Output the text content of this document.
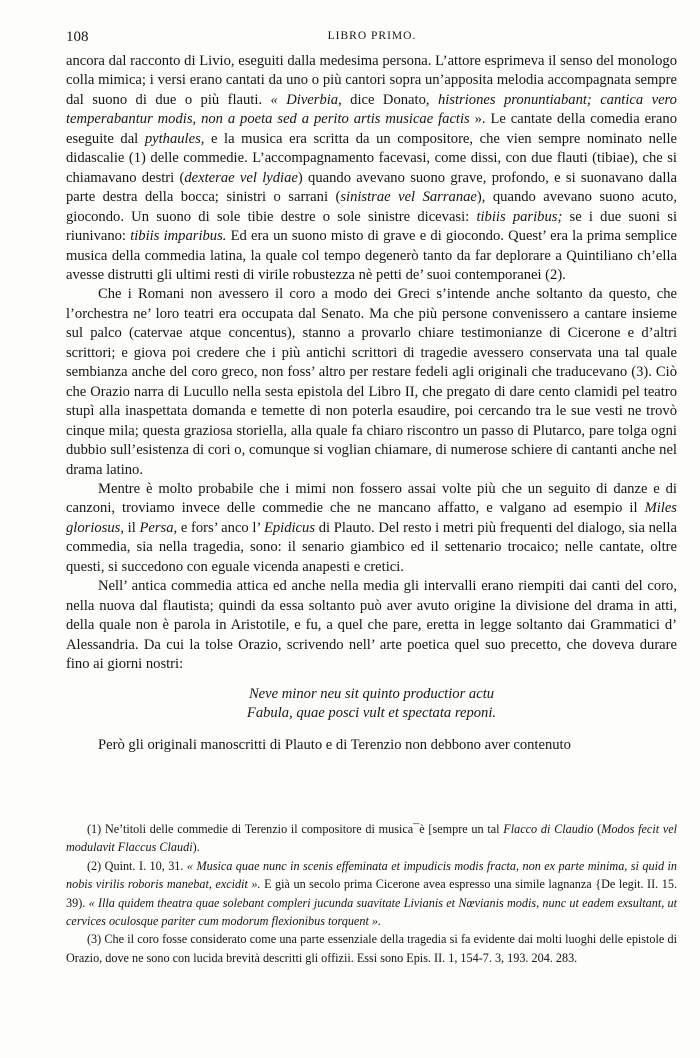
108	LIBRO PRIMO.

ancora dal racconto di Livio, eseguiti dalla medesima persona. L’attore esprimeva il senso del monologo colla mimica; i versi erano cantati da uno o più cantori sopra un’apposita melodia accompagnata sempre dal suono di due o più flauti. « Diverbia, dice Donato, histriones pronuntiabant; cantica vero temperabantur modis, non a poeta sed a perito artis musicae factis ». Le cantate della comedia erano eseguite dal pythaules, e la musica era scritta da un compositore, che vien sempre nominato nelle didascalie (1) delle commedie. L’accompagnamento facevasi, come dissi, con due flauti (tibiae), che si chiamavano destri (dexterae vel lydiae) quando avevano suono grave, profondo, e si suonavano dalla parte destra della bocca; sinistri o sarrani (sinistrae vel Sarranae), quando avevano suono acuto, giocondo. Un suono di sole tibie destre o sole sinistre dicevasi: tibiis paribus; se i due suoni si riunivano: tibiis imparibus. Ed era un suono misto di grave e di giocondo. Quest’ era la prima semplice musica della commedia latina, la quale col tempo degenerò tanto da far deplorare a Quintiliano ch’ella avesse distrutti gli ultimi resti di virile robustezza nè petti de’ suoi contemporanei (2).

Che i Romani non avessero il coro a modo dei Greci s’intende anche soltanto da questo, che l’orchestra ne’ loro teatri era occupata dal Senato. Ma che più persone convenissero a cantare insieme sul palco (catervae atque concentus), stanno a provarlo chiare testimonianze di Cicerone e d’altri scrittori; e giova poi credere che i più antichi scrittori di tragedie avessero conservata una tal quale sembianza anche del coro greco, non foss’ altro per restare fedeli agli originali che traducevano (3). Ciò che Orazio narra di Lucullo nella sesta epistola del Libro II, che pregato di dare cento clamidi pel teatro stupì alla inaspettata domanda e temette di non poterla esaudire, poi cercando tra le sue vesti ne trovò cinque mila; questa graziosa storiella, alla quale fa chiaro riscontro un passo di Plutarco, pare tolga ogni dubbio sull’esistenza di cori o, comunque si voglian chiamare, di numerose schiere di cantanti anche nel drama latino.

Mentre è molto probabile che i mimi non fossero assai volte più che un seguito di danze e di canzoni, troviamo invece delle commedie che ne mancano affatto, e valgano ad esempio il Miles gloriosus, il Persa, e fors’ anco l’ Epidicus di Plauto. Del resto i metri più frequenti del dialogo, sia nella commedia, sia nella tragedia, sono: il senario giambico ed il settenario trocaico; nelle cantate, oltre questi, si succedono con eguale vicenda anapesti e cretici.

Nell’ antica commedia attica ed anche nella media gli intervalli erano riempiti dai canti del coro, nella nuova dal flautista; quindi da essa soltanto può aver avuto origine la divisione del drama in atti, della quale non è parola in Aristotile, e fu, a quel che pare, eretta in legge soltanto dai Grammatici d’ Alessandria. Da cui la tolse Orazio, scrivendo nell’ arte poetica quel suo precetto, che doveva durare fino ai giorni nostri:

Neve minor neu sit quinto productior actu
Fabula, quae posci vult et spectata reponi.

Però gli originali manoscritti di Plauto e di Terenzio non debbono aver contenuto

(1) Ne’titoli delle commedie di Terenzio il compositore di musica¯è [sempre un tal Flacco di Claudio (Modos fecit vel modulavit Flaccus Claudi).

(2) Quint. I. 10, 31. « Musica quae nunc in scenis effeminata et impudicis modis fracta, non ex parte minima, si quid in nobis virilis roboris manebat, excidit ». E già un secolo prima Cicerone avea espresso una simile lagnanza {De legit. II. 15. 39). « Illa quidem theatra quae solebant compleri jucunda suavitate Livianis et Nœvianis modis, nunc ut eadem exsultant, ut cervices oculosque pariter cum modorum flexionibus torquent ».

(3) Che il coro fosse considerato come una parte essenziale della tragedia si fa evidente dai molti luoghi delle epistole di Orazio, dove ne sono con lucida brevità descritti gli offizii. Essi sono Epis. II. 1, 154-7. 3, 193. 204. 283.
